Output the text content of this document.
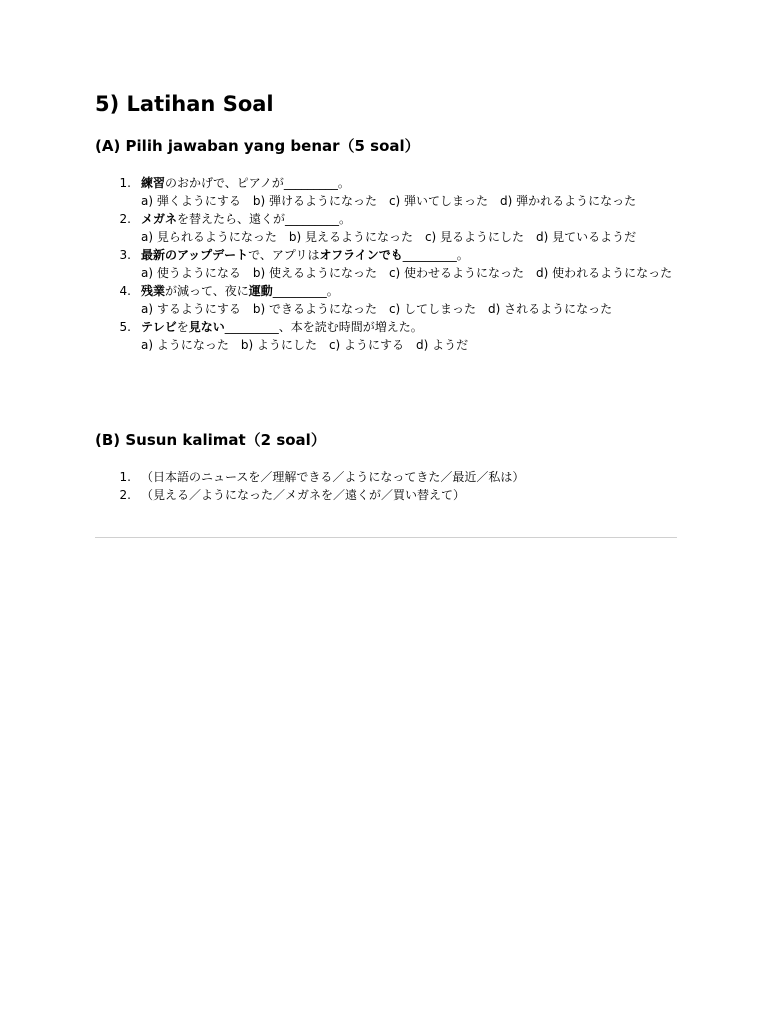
5) Latihan Soal
(A) Pilih jawaban yang benar（5 soal）
1. 練習のおかげで、ピアノが_________。
a) 弾くようにする　b) 弾けるようになった　c) 弾いてしまった　d) 弾かれるようになった
2. メガネを替えたら、遠くが_________。
a) 見られるようになった　b) 見えるようになった　c) 見るようにした　d) 見ているようだ
3. 最新のアップデートで、アプリはオフラインでも_________。
a) 使うようになる　b) 使えるようになった　c) 使わせるようになった　d) 使われるようになった
4. 残業が減って、夜に運動_________。
a) するようにする　b) できるようになった　c) してしまった　d) されるようになった
5. テレビを見ない_________、本を読む時間が増えた。
a) ようになった　b) ようにした　c) ようにする　d) ようだ
(B) Susun kalimat（2 soal）
1. （日本語のニュースを／理解できる／ようになってきた／最近／私は）
2. （見える／ようになった／メガネを／遠くが／買い替えて）
